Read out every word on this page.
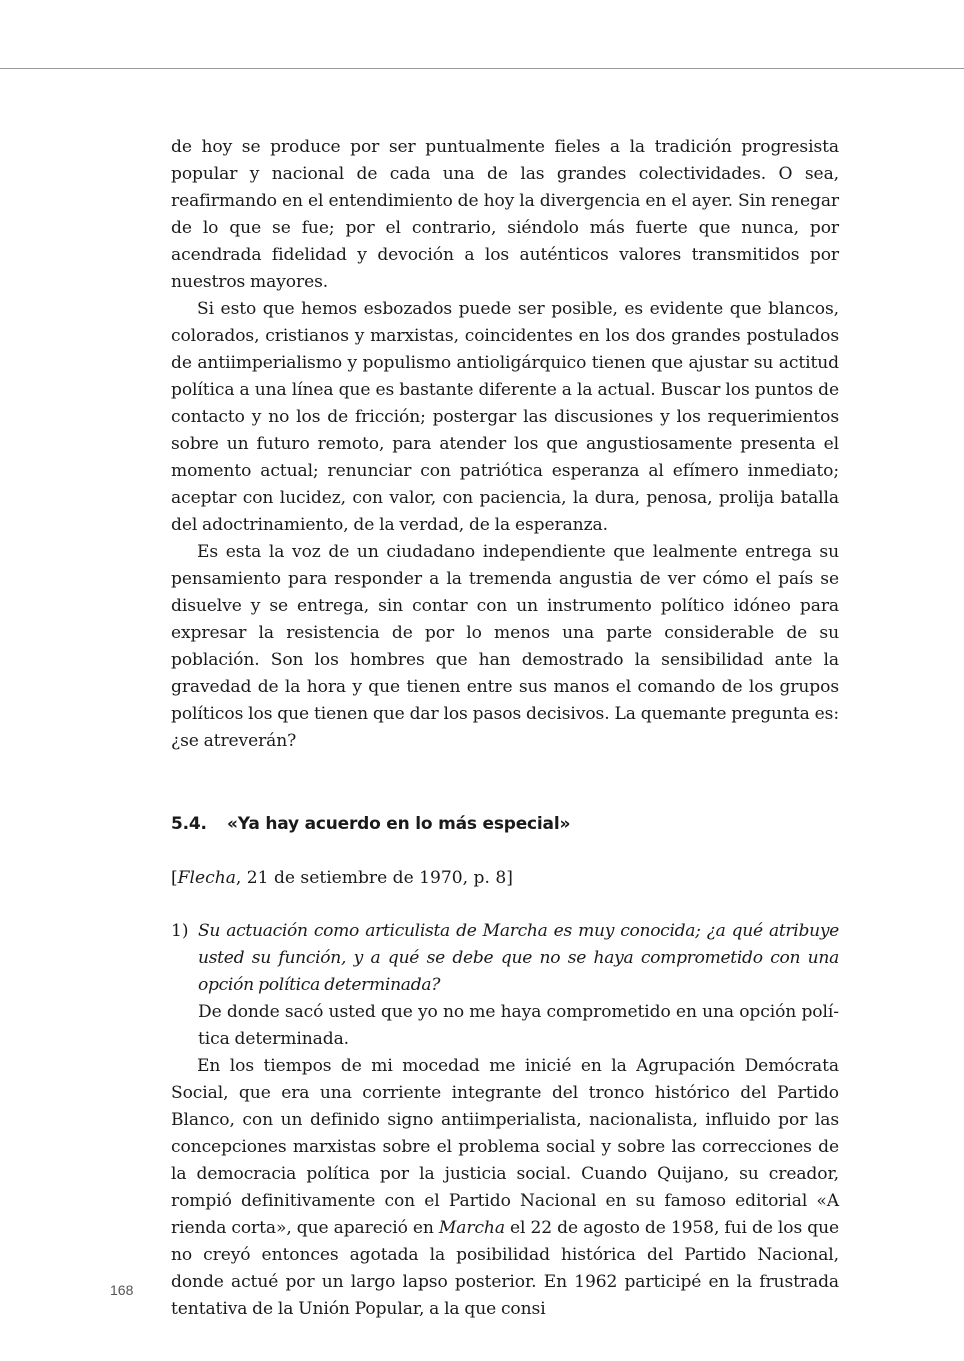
de hoy se produce por ser puntualmente fieles a la tradición progresista popular y nacional de cada una de las grandes colectividades. O sea, reafirmando en el entendimiento de hoy la divergencia en el ayer. Sin renegar de lo que se fue; por el contrario, siéndolo más fuerte que nunca, por acendrada fidelidad y devoción a los auténticos valores transmitidos por nuestros mayores.

Si esto que hemos esbozados puede ser posible, es evidente que blancos, colorados, cristianos y marxistas, coincidentes en los dos grandes postulados de antiimperialismo y populismo antioligárquico tienen que ajustar su actitud política a una línea que es bastante diferente a la actual. Buscar los puntos de contacto y no los de fricción; postergar las discusiones y los requerimientos sobre un futuro remoto, para atender los que angustiosamente presenta el momento actual; renunciar con patriótica esperanza al efímero inmediato; aceptar con lucidez, con valor, con paciencia, la dura, penosa, prolija batalla del adoctrinamiento, de la verdad, de la esperanza.

Es esta la voz de un ciudadano independiente que lealmente entrega su pensamiento para responder a la tremenda angustia de ver cómo el país se disuelve y se entrega, sin contar con un instrumento político idóneo para expresar la resistencia de por lo menos una parte considerable de su población. Son los hombres que han demostrado la sensibilidad ante la gravedad de la hora y que tienen entre sus manos el comando de los grupos políticos los que tienen que dar los pasos decisivos. La quemante pregunta es: ¿se atreverán?

5.4. «Ya hay acuerdo en lo más especial»

[Flecha, 21 de setiembre de 1970, p. 8]

1) Su actuación como articulista de Marcha es muy conocida; ¿a qué atribuye usted su función, y a qué se debe que no se haya comprometido con una opción política determinada?

De donde sacó usted que yo no me haya comprometido en una opción política determinada.

En los tiempos de mi mocedad me inicié en la Agrupación Demócrata Social, que era una corriente integrante del tronco histórico del Partido Blanco, con un definido signo antiimperialista, nacionalista, influido por las concepciones marxistas sobre el problema social y sobre las correcciones de la democracia política por la justicia social. Cuando Quijano, su creador, rompió definitivamente con el Partido Nacional en su famoso editorial «A rienda corta», que apareció en Marcha el 22 de agosto de 1958, fui de los que no creyó entonces agotada la posibilidad histórica del Partido Nacional, donde actué por un largo lapso posterior. En 1962 participé en la frustrada tentativa de la Unión Popular, a la que consi

168
